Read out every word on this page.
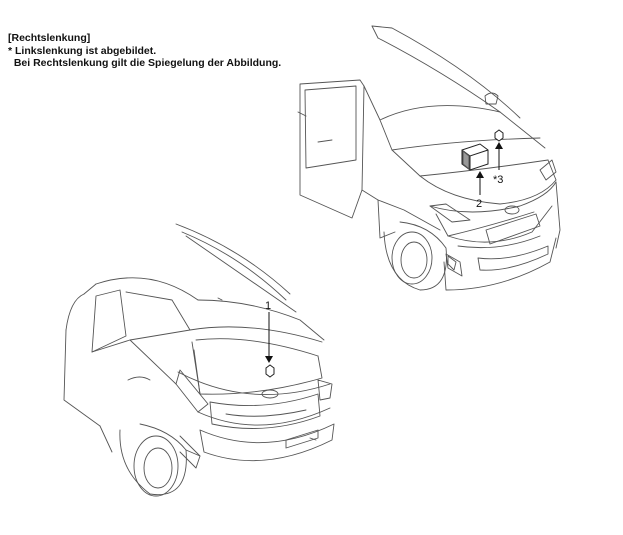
[Rechtslenkung]
* Linkslenkung ist abgebildet.
Bei Rechtslenkung gilt die Spiegelung der Abbildung.
2
*3
1
